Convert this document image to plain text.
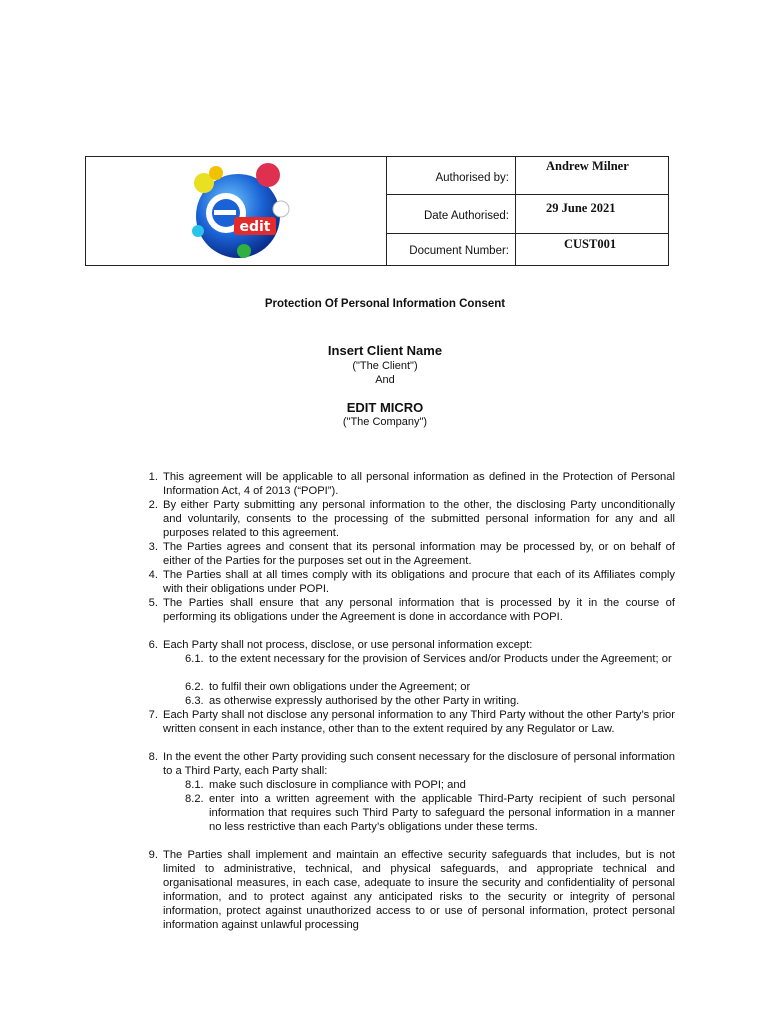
edit
Authorised by:
Date Authorised:
Document Number:
Andrew Milner
29 June 2021
CUST001
Protection Of Personal Information Consent
Insert Client Name
("The Client")
And
EDIT MICRO
("The Company")
1. This agreement will be applicable to all personal information as defined in the Protection of Personal Information Act, 4 of 2013 (“POPI”).
2. By either Party submitting any personal information to the other, the disclosing Party unconditionally and voluntarily, consents to the processing of the submitted personal information for any and all purposes related to this agreement.
3. The Parties agrees and consent that its personal information may be processed by, or on behalf of either of the Parties for the purposes set out in the Agreement.
4. The Parties shall at all times comply with its obligations and procure that each of its Affiliates comply with their obligations under POPI.
5. The Parties shall ensure that any personal information that is processed by it in the course of performing its obligations under the Agreement is done in accordance with POPI.
6. Each Party shall not process, disclose, or use personal information except:
6.1. to the extent necessary for the provision of Services and/or Products under the Agreement; or
6.2. to fulfil their own obligations under the Agreement; or
6.3. as otherwise expressly authorised by the other Party in writing.
7. Each Party shall not disclose any personal information to any Third Party without the other Party’s prior written consent in each instance, other than to the extent required by any Regulator or Law.
8. In the event the other Party providing such consent necessary for the disclosure of personal information to a Third Party, each Party shall:
8.1. make such disclosure in compliance with POPI; and
8.2. enter into a written agreement with the applicable Third-Party recipient of such personal information that requires such Third Party to safeguard the personal information in a manner no less restrictive than each Party’s obligations under these terms.
9. The Parties shall implement and maintain an effective security safeguards that includes, but is not limited to administrative, technical, and physical safeguards, and appropriate technical and organisational measures, in each case, adequate to insure the security and confidentiality of personal information, and to protect against any anticipated risks to the security or integrity of personal information, protect against unauthorized access to or use of personal information, protect personal information against unlawful processing
